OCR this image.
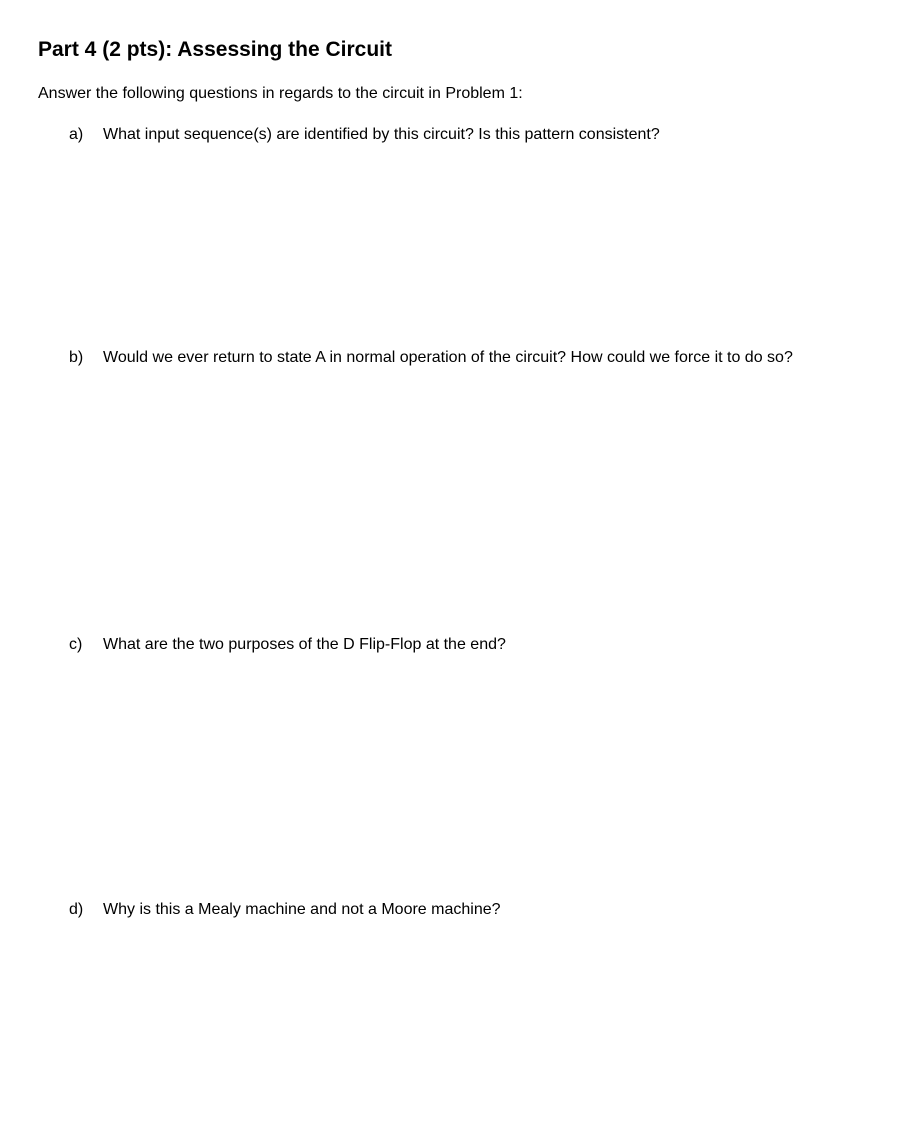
Part 4 (2 pts): Assessing the Circuit
Answer the following questions in regards to the circuit in Problem 1:
a)	What input sequence(s) are identified by this circuit? Is this pattern consistent?
b)	Would we ever return to state A in normal operation of the circuit? How could we force it to do so?
c)	What are the two purposes of the D Flip-Flop at the end?
d)	Why is this a Mealy machine and not a Moore machine?
